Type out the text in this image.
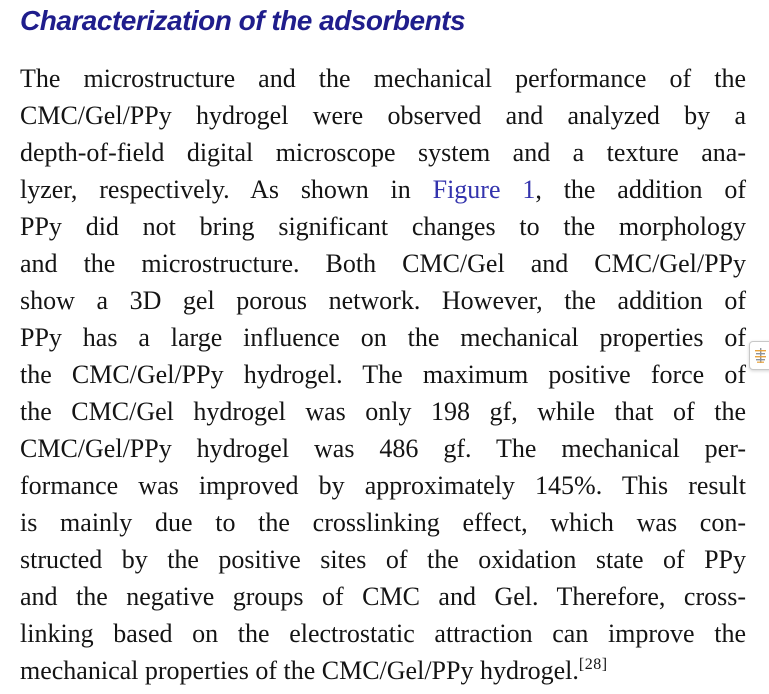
Characterization of the adsorbents
The microstructure and the mechanical performance of the
CMC/Gel/PPy hydrogel were observed and analyzed by a
depth-of-field digital microscope system and a texture ana-
lyzer, respectively. As shown in Figure 1, the addition of
PPy did not bring significant changes to the morphology
and the microstructure. Both CMC/Gel and CMC/Gel/PPy
show a 3D gel porous network. However, the addition of
PPy has a large influence on the mechanical properties of
the CMC/Gel/PPy hydrogel. The maximum positive force of
the CMC/Gel hydrogel was only 198 gf, while that of the
CMC/Gel/PPy hydrogel was 486 gf. The mechanical per-
formance was improved by approximately 145%. This result
is mainly due to the crosslinking effect, which was con-
structed by the positive sites of the oxidation state of PPy
and the negative groups of CMC and Gel. Therefore, cross-
linking based on the electrostatic attraction can improve the
mechanical properties of the CMC/Gel/PPy hydrogel.[28]
